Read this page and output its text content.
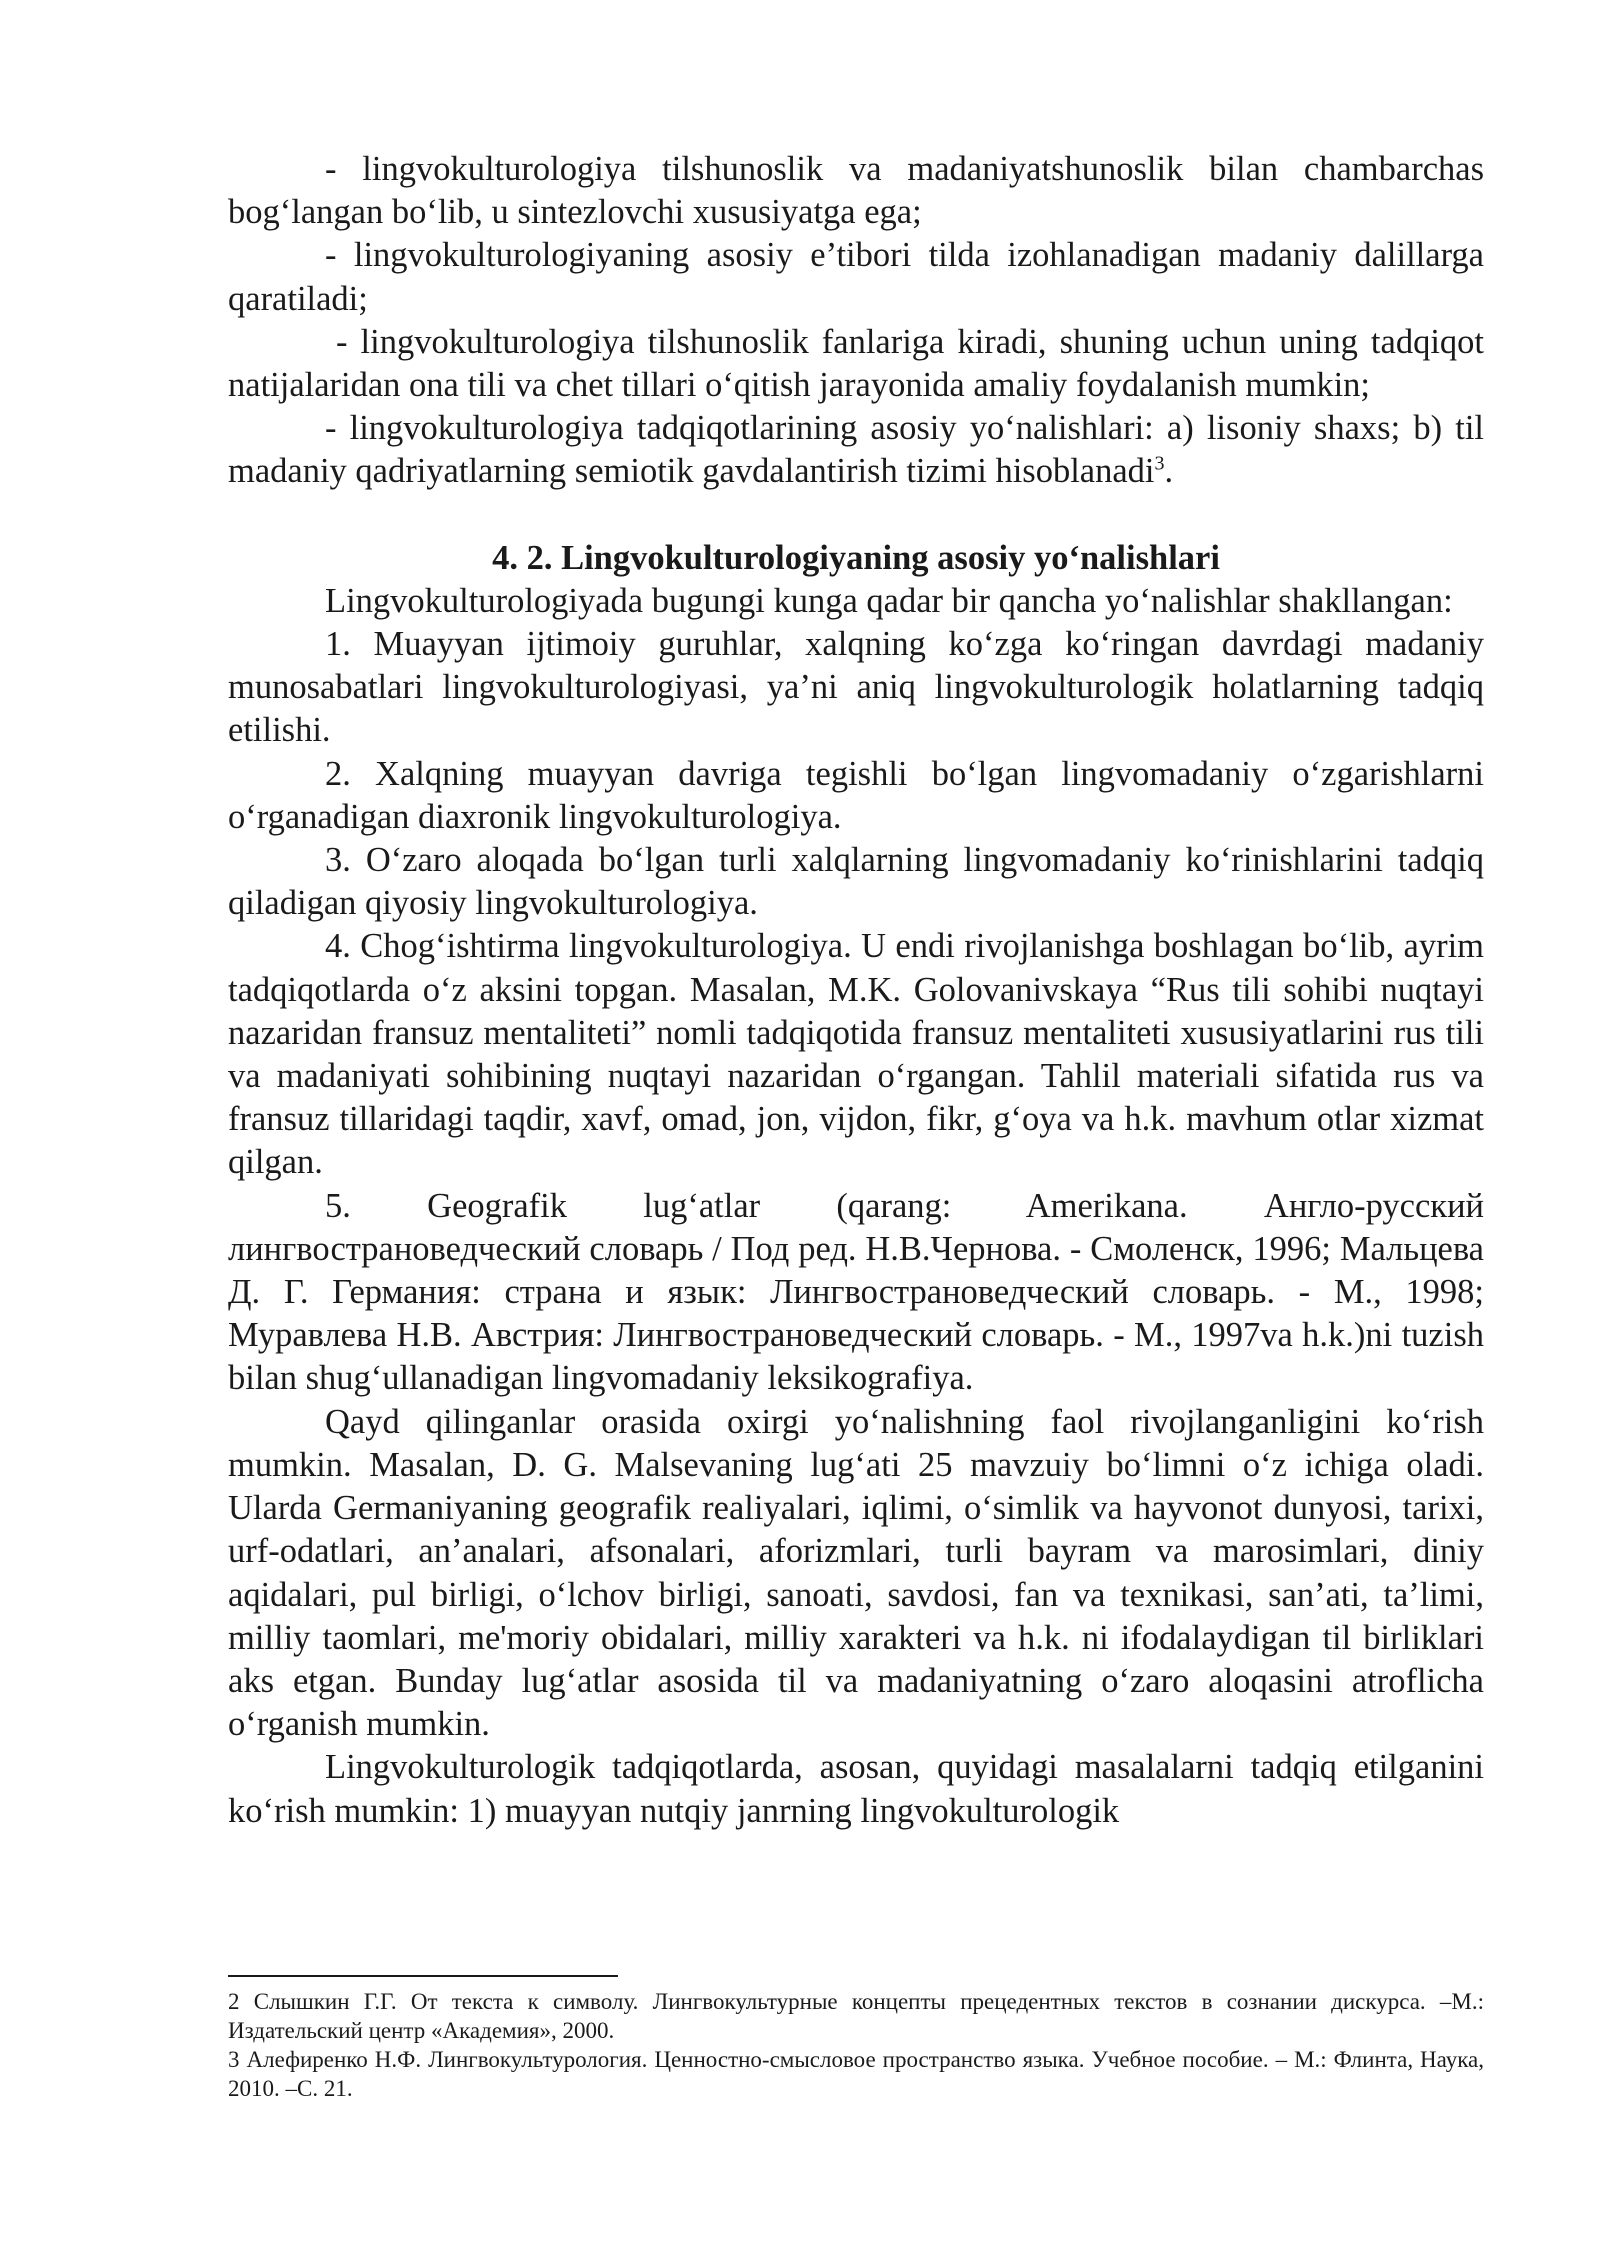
- lingvokulturologiya tilshunoslik va madaniyatshunoslik bilan chambarchas bog‘langan bo‘lib, u sintezlovchi xususiyatga ega;

- lingvokulturologiyaning asosiy e’tibori tilda izohlanadigan madaniy dalillarga qaratiladi;

- lingvokulturologiya tilshunoslik fanlariga kiradi, shuning uchun uning tadqiqot natijalaridan ona tili va chet tillari o‘qitish jarayonida amaliy foydalanish mumkin;

- lingvokulturologiya tadqiqotlarining asosiy yo‘nalishlari: a) lisoniy shaxs; b) til madaniy qadriyatlarning semiotik gavdalantirish tizimi hisoblanadi$^3$.

4. 2. Lingvokulturologiyaning asosiy yo‘nalishlari

Lingvokulturologiyada bugungi kunga qadar bir qancha yo‘nalishlar shakllangan:

1. Muayyan ijtimoiy guruhlar, xalqning ko‘zga ko‘ringan davrdagi madaniy munosabatlari lingvokulturologiyasi, ya’ni aniq lingvokulturologik holatlarning tadqiq etilishi.

2. Xalqning muayyan davriga tegishli bo‘lgan lingvomadaniy o‘zgarishlarni o‘rganadigan diaxronik lingvokulturologiya.

3. O‘zaro aloqada bo‘lgan turli xalqlarning lingvomadaniy ko‘rinishlarini tadqiq qiladigan qiyosiy lingvokulturologiya.

4. Chog‘ishtirma lingvokulturologiya. U endi rivojlanishga boshlagan bo‘lib, ayrim tadqiqotlarda o‘z aksini topgan. Masalan, M.K. Golovanivskaya “Rus tili sohibi nuqtayi nazaridan fransuz mentaliteti” nomli tadqiqotida fransuz mentaliteti xususiyatlarini rus tili va madaniyati sohibining nuqtayi nazaridan o‘rgangan. Tahlil materiali sifatida rus va fransuz tillaridagi taqdir, xavf, omad, jon, vijdon, fikr, g‘oya va h.k. mavhum otlar xizmat qilgan.

5. Geografik lug‘atlar (qarang: Amerikana. Англо-русский лингвострановедческий словарь / Под ред. Н.В.Чернова. - Смоленск, 1996; Мальцева Д. Г. Германия: страна и язык: Лингвострановедческий словарь. - М., 1998; Муравлева Н.В. Австрия: Лингвострановедческий словарь. - М., 1997va h.k.)ni tuzish bilan shug‘ullanadigan lingvomadaniy leksikografiya.

Qayd qilinganlar orasida oxirgi yo‘nalishning faol rivojlanganligini ko‘rish mumkin. Masalan, D. G. Malsevaning lug‘ati 25 mavzuiy bo‘limni o‘z ichiga oladi. Ularda Germaniyaning geografik realiyalari, iqlimi, o‘simlik va hayvonot dunyosi, tarixi, urf-odatlari, an’analari, afsonalari, aforizmlari, turli bayram va marosimlari, diniy aqidalari, pul birligi, o‘lchov birligi, sanoati, savdosi, fan va texnikasi, san’ati, ta’limi, milliy taomlari, me'moriy obidalari, milliy xarakteri va h.k. ni ifodalaydigan til birliklari aks etgan. Bunday lug‘atlar asosida til va madaniyatning o‘zaro aloqasini atroflicha o‘rganish mumkin.

Lingvokulturologik tadqiqotlarda, asosan, quyidagi masalalarni tadqiq etilganini ko‘rish mumkin: 1) muayyan nutqiy janrning lingvokulturologik

2 Слышкин Г.Г. От текста к символу. Лингвокультурные концепты прецедентных текстов в сознании дискурса. –М.: Издательский центр «Академия», 2000.

3 Алефиренко Н.Ф. Лингвокультурология. Ценностно-смысловое пространство языка. Учебное пособие. – М.: Флинта, Наука, 2010. –С. 21.
